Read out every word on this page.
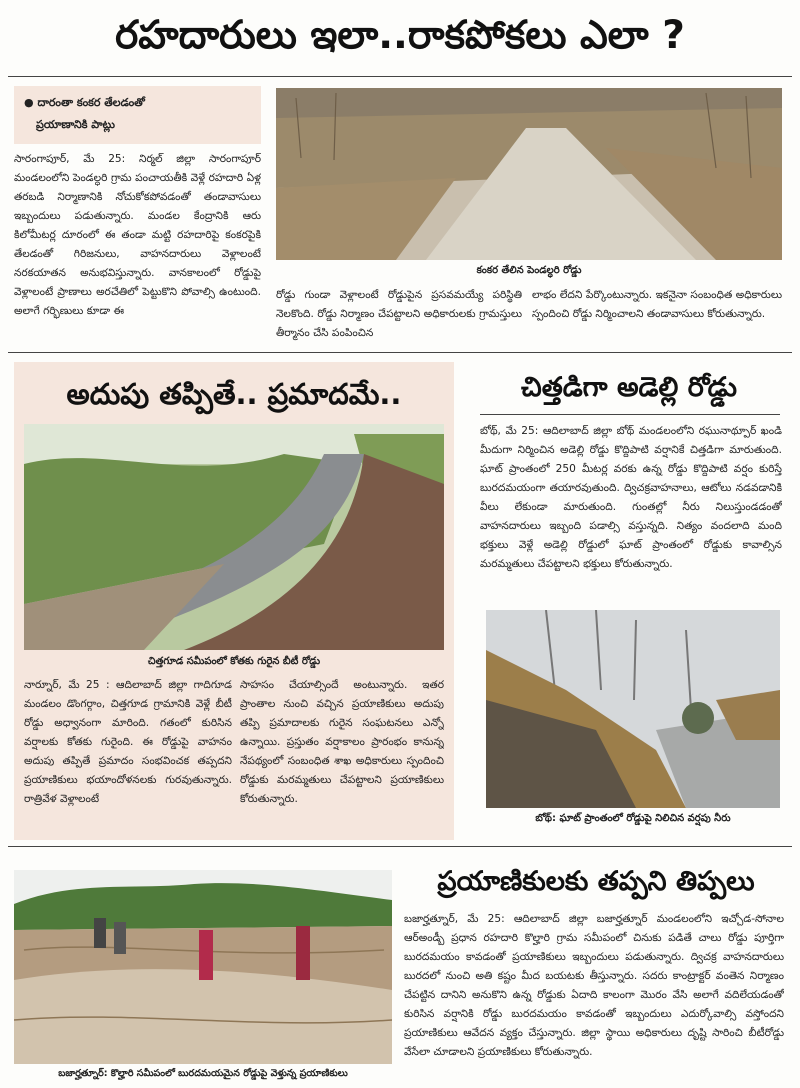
రహదారులు ఇలా..రాకపోకలు ఎలా ?
● దారంతా కంకర తేలడంతో
ప్రయాణానికి పాట్లు
సారంగాపూర్, మే 25: నిర్మల్ జిల్లా సారంగాపూర్ మండలంలోని పెండల్ధరి గ్రామ పంచాయతీకి వెళ్లే రహదారి ఏళ్ల తరబడి నిర్మాణానికి నోచుకోకపోవడంతో తండావాసులు ఇబ్బందులు పడుతున్నారు. మండల కేంద్రానికి ఆరు కిలోమీటర్ల దూరంలో ఈ తండా మట్టి రహదారిపై కంకరపైకి తేలడంతో గిరిజనులు, వాహనదారులు వెళ్లాలంటే నరకయాతన అనుభవిస్తున్నారు. వానకాలంలో రోడ్డుపై వెళ్లాలంటే ప్రాణాలు అరచేతిలో పెట్టుకొని పోవాల్సి ఉంటుంది. అలాగే గర్భిణులు కూడా ఈ
కంకర తేలిన పెండల్ధరి రోడ్డు
రోడ్డు గుండా వెళ్లాలంటే రోడ్డుపైన ప్రసవమయ్యే పరిస్థితి నెలకొంది. రోడ్డు నిర్మాణం చేపట్టాలని అధికారులకు గ్రామస్తులు తీర్మానం చేసి పంపించిన
లాభం లేదని పేర్కొంటున్నారు. ఇకనైనా సంబంధిత అధికారులు స్పందించి రోడ్డు నిర్మించాలని తండావాసులు కోరుతున్నారు.
అదుపు తప్పితే.. ప్రమాదమే..
చిత్తగూడ సమీపంలో కోతకు గురైన బీటీ రోడ్డు
నార్నూర్, మే 25 : ఆదిలాబాద్ జిల్లా గాదిగూడ మండలం డొంగర్గాం, చిత్తగూడ గ్రామానికి వెళ్లే బీటీ రోడ్డు అధ్వానంగా మారింది. గతంలో కురిసిన వర్షాలకు కోతకు గురైంది. ఈ రోడ్డుపై వాహనం అదుపు తప్పితే ప్రమాదం సంభవించక తప్పదని ప్రయాణికులు భయాందోళనలకు గురవుతున్నారు. రాత్రివేళ వెళ్లాలంటే
సాహసం చేయాల్సిందే అంటున్నారు. ఇతర ప్రాంతాల నుంచి వచ్చిన ప్రయాణికులు అదుపు తప్పి ప్రమాదాలకు గురైన సంఘటనలు ఎన్నో ఉన్నాయి. ప్రస్తుతం వర్షాకాలం ప్రారంభం కానున్న నేపథ్యంలో సంబంధిత శాఖ అధికారులు స్పందించి రోడ్డుకు మరమ్మతులు చేపట్టాలని ప్రయాణికులు కోరుతున్నారు.
చిత్తడిగా అడెల్లి రోడ్డు
బోథ్, మే 25: ఆదిలాబాద్ జిల్లా బోథ్ మండలంలోని రఘునాథ్పూర్ ఖండి మీదుగా నిర్మించిన అడెల్లి రోడ్డు కొద్దిపాటి వర్షానికే చిత్తడిగా మారుతుంది. ఘాట్ ప్రాంతంలో 250 మీటర్ల వరకు ఉన్న రోడ్డు కొద్దిపాటి వర్షం కురిస్తే బురదమయంగా తయారవుతుంది. ద్విచక్రవాహనాలు, ఆటోలు నడవడానికి వీలు లేకుండా మారుతుంది. గుంతల్లో నీరు నిలుస్తుండడంతో వాహనదారులు ఇబ్బంది పడాల్సి వస్తున్నది. నిత్యం వందలాది మంది భక్తులు వెళ్లే అడెల్లి రోడ్డులో ఘాట్ ప్రాంతంలో రోడ్డుకు కావాల్సిన మరమ్మతులు చేపట్టాలని భక్తులు కోరుతున్నారు.
బోథ్: ఘాట్ ప్రాంతంలో రోడ్డుపై నిలిచిన వర్షపు నీరు
బజార్హత్నూర్: కొల్హారి సమీపంలో బురదమయమైన రోడ్డుపై వెళ్తున్న ప్రయాణికులు
ప్రయాణికులకు తప్పని తిప్పలు
బజార్హత్నూర్, మే 25: ఆదిలాబాద్ జిల్లా బజార్హత్నూర్ మండలంలోని ఇచ్చోడ-సోనాల ఆర్అండ్బీ ప్రధాన రహదారి కొల్హారి గ్రామ సమీపంలో చినుకు పడితే చాలు రోడ్డు పూర్తిగా బురదమయం కావడంతో ప్రయాణికులు ఇబ్బందులు పడుతున్నారు. ద్విచక్ర వాహనదారులు బురదలో నుంచి అతి కష్టం మీద బయటకు తీస్తున్నారు. సదరు కాంట్రాక్టర్ వంతెన నిర్మాణం చేపట్టిన దానిని అనుకొని ఉన్న రోడ్డుకు ఏదాది కాలంగా మొరం వేసి అలాగే వదిలేయడంతో కురిసిన వర్షానికి రోడ్డు బురదమయం కావడంతో ఇబ్బందులు ఎదుర్కోవాల్సి వస్తోందని ప్రయాణికులు ఆవేదన వ్యక్తం చేస్తున్నారు. జిల్లా స్థాయి అధికారులు దృష్టి సారించి బీటీరోడ్డు వేసేలా చూడాలని ప్రయాణికులు కోరుతున్నారు.
